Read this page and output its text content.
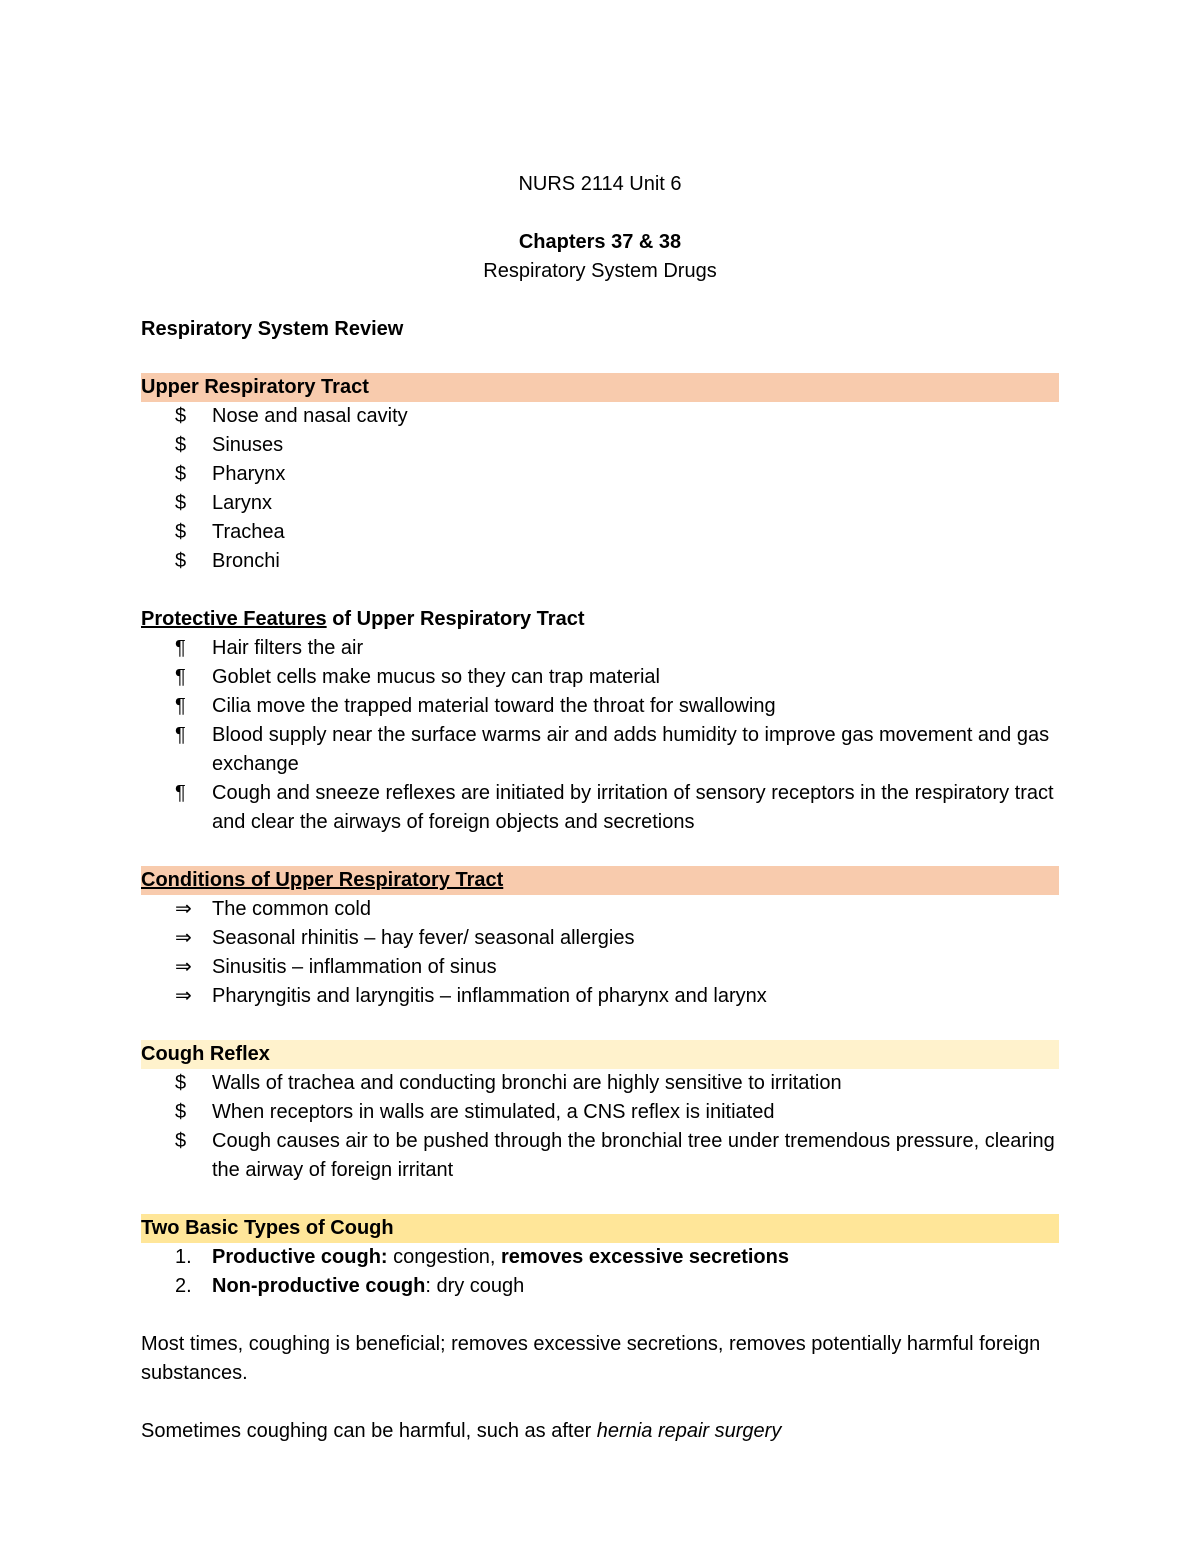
NURS 2114 Unit 6
Chapters 37 & 38
Respiratory System Drugs
Respiratory System Review
Upper Respiratory Tract
$	Nose and nasal cavity
$	Sinuses
$	Pharynx
$	Larynx
$	Trachea
$	Bronchi
Protective Features of Upper Respiratory Tract
¶	Hair filters the air
¶	Goblet cells make mucus so they can trap material
¶	Cilia move the trapped material toward the throat for swallowing
¶	Blood supply near the surface warms air and adds humidity to improve gas movement and gas exchange
¶	Cough and sneeze reflexes are initiated by irritation of sensory receptors in the respiratory tract and clear the airways of foreign objects and secretions
Conditions of Upper Respiratory Tract
⇒	The common cold
⇒	Seasonal rhinitis – hay fever/ seasonal allergies
⇒	Sinusitis – inflammation of sinus
⇒	Pharyngitis and laryngitis – inflammation of pharynx and larynx
Cough Reflex
$	Walls of trachea and conducting bronchi are highly sensitive to irritation
$	When receptors in walls are stimulated, a CNS reflex is initiated
$	Cough causes air to be pushed through the bronchial tree under tremendous pressure, clearing the airway of foreign irritant
Two Basic Types of Cough
1.	Productive cough: congestion, removes excessive secretions
2.	Non-productive cough: dry cough
Most times, coughing is beneficial; removes excessive secretions, removes potentially harmful foreign substances.
Sometimes coughing can be harmful, such as after hernia repair surgery
